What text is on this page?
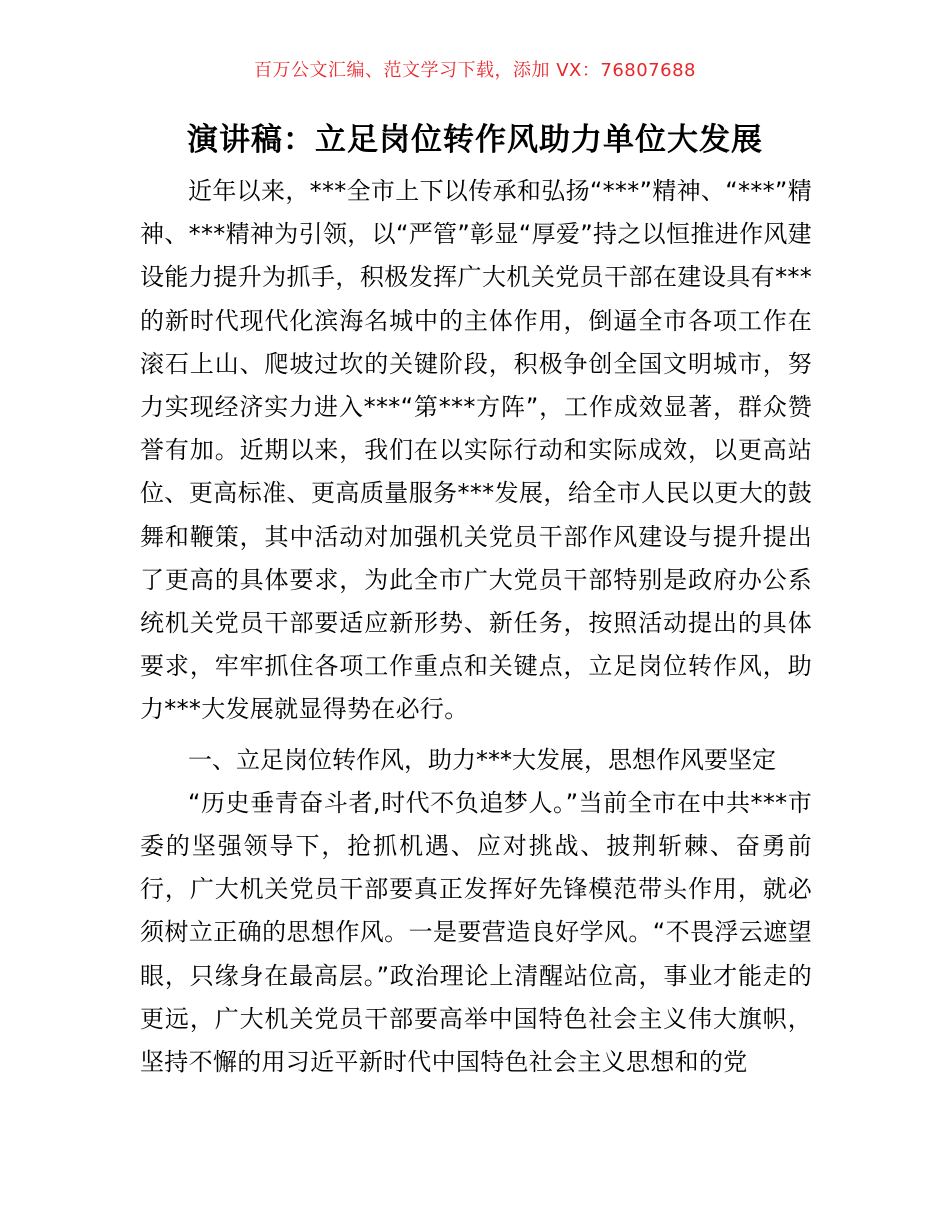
百万公文汇编、范文学习下载，添加 VX：76807688
演讲稿：立足岗位转作风助力单位大发展

近年以来，***全市上下以传承和弘扬“***”精神、“***”精神、***精神为引领，以“严管”彰显“厚爱”持之以恒推进作风建设能力提升为抓手，积极发挥广大机关党员干部在建设具有***的新时代现代化滨海名城中的主体作用，倒逼全市各项工作在滚石上山、爬坡过坎的关键阶段，积极争创全国文明城市，努力实现经济实力进入***“第***方阵”，工作成效显著，群众赞誉有加。近期以来，我们在以实际行动和实际成效，以更高站位、更高标准、更高质量服务***发展，给全市人民以更大的鼓舞和鞭策，其中活动对加强机关党员干部作风建设与提升提出了更高的具体要求，为此全市广大党员干部特别是政府办公系统机关党员干部要适应新形势、新任务，按照活动提出的具体要求，牢牢抓住各项工作重点和关键点，立足岗位转作风，助力***大发展就显得势在必行。

一、立足岗位转作风，助力***大发展，思想作风要坚定

“历史垂青奋斗者,时代不负追梦人。”当前全市在中共***市委的坚强领导下，抢抓机遇、应对挑战、披荆斩棘、奋勇前行，广大机关党员干部要真正发挥好先锋模范带头作用，就必须树立正确的思想作风。一是要营造良好学风。“不畏浮云遮望眼，只缘身在最高层。”政治理论上清醒站位高，事业才能走的更远，广大机关党员干部要高举中国特色社会主义伟大旗帜，坚持不懈的用习近平新时代中国特色社会主义思想和的党
